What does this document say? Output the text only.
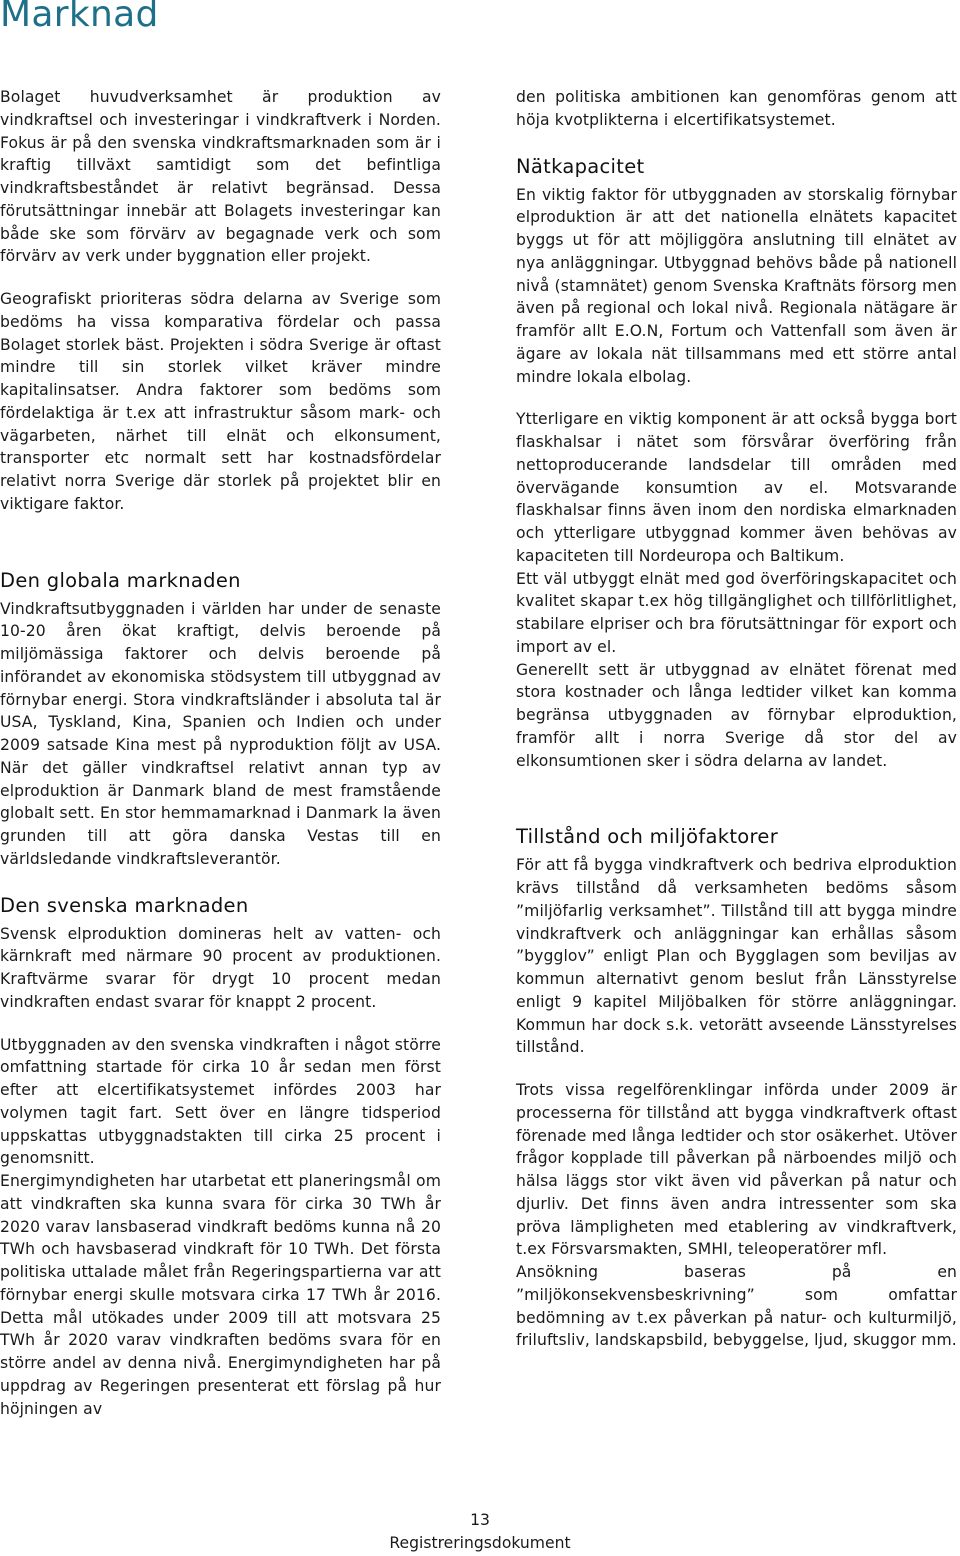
Marknad

Bolaget huvudverksamhet är produktion av vindkraftsel och investeringar i vindkraftverk i Norden. Fokus är på den svenska vindkraftsmarknaden som är i kraftig tillväxt samtidigt som det befintliga vindkraftsbeståndet är relativt begränsad. Dessa förutsättningar innebär att Bolagets investeringar kan både ske som förvärv av begagnade verk och som förvärv av verk under byggnation eller projekt.

Geografiskt prioriteras södra delarna av Sverige som bedöms ha vissa komparativa fördelar och passa Bolaget storlek bäst. Projekten i södra Sverige är oftast mindre till sin storlek vilket kräver mindre kapitalinsatser. Andra faktorer som bedöms som fördelaktiga är t.ex att infrastruktur såsom mark- och vägarbeten, närhet till elnät och elkonsument, transporter etc normalt sett har kostnadsfördelar relativt norra Sverige där storlek på projektet blir en viktigare faktor.

Den globala marknaden

Vindkraftsutbyggnaden i världen har under de senaste 10-20 åren ökat kraftigt, delvis beroende på miljömässiga faktorer och delvis beroende på införandet av ekonomiska stödsystem till utbyggnad av förnybar energi. Stora vindkraftsländer i absoluta tal är USA, Tyskland, Kina, Spanien och Indien och under 2009 satsade Kina mest på nyproduktion följt av USA. När det gäller vindkraftsel relativt annan typ av elproduktion är Danmark bland de mest framstående globalt sett. En stor hemmamarknad i Danmark la även grunden till att göra danska Vestas till en världsledande vindkraftsleverantör.

Den svenska marknaden

Svensk elproduktion domineras helt av vatten- och kärnkraft med närmare 90 procent av produktionen. Kraftvärme svarar för drygt 10 procent medan vindkraften endast svarar för knappt 2 procent.

Utbyggnaden av den svenska vindkraften i något större omfattning startade för cirka 10 år sedan men först efter att elcertifikatsystemet infördes 2003 har volymen tagit fart. Sett över en längre tidsperiod uppskattas utbyggnadstakten till cirka 25 procent i genomsnitt.

Energimyndigheten har utarbetat ett planeringsmål om att vindkraften ska kunna svara för cirka 30 TWh år 2020 varav lansbaserad vindkraft bedöms kunna nå 20 TWh och havsbaserad vindkraft för 10 TWh. Det första politiska uttalade målet från Regeringspartierna var att förnybar energi skulle motsvara cirka 17 TWh år 2016. Detta mål utökades under 2009 till att motsvara 25 TWh år 2020 varav vindkraften bedöms svara för en större andel av denna nivå. Energimyndigheten har på uppdrag av Regeringen presenterat ett förslag på hur höjningen av

den politiska ambitionen kan genomföras genom att höja kvotplikterna i elcertifikatsystemet.

Nätkapacitet

En viktig faktor för utbyggnaden av storskalig förnybar elproduktion är att det nationella elnätets kapacitet byggs ut för att möjliggöra anslutning till elnätet av nya anläggningar. Utbyggnad behövs både på nationell nivå (stamnätet) genom Svenska Kraftnäts försorg men även på regional och lokal nivå. Regionala nätägare är framför allt E.O.N, Fortum och Vattenfall som även är ägare av lokala nät tillsammans med ett större antal mindre lokala elbolag.

Ytterligare en viktig komponent är att också bygga bort flaskhalsar i nätet som försvårar överföring från nettoproducerande landsdelar till områden med övervägande konsumtion av el. Motsvarande flaskhalsar finns även inom den nordiska elmarknaden och ytterligare utbyggnad kommer även behövas av kapaciteten till Nordeuropa och Baltikum.

Ett väl utbyggt elnät med god överföringskapacitet och kvalitet skapar t.ex hög tillgänglighet och tillförlitlighet, stabilare elpriser och bra förutsättningar för export och import av el.

Generellt sett är utbyggnad av elnätet förenat med stora kostnader och långa ledtider vilket kan komma begränsa utbyggnaden av förnybar elproduktion, framför allt i norra Sverige då stor del av elkonsumtionen sker i södra delarna av landet.

Tillstånd och miljöfaktorer

För att få bygga vindkraftverk och bedriva elproduktion krävs tillstånd då verksamheten bedöms såsom ”miljöfarlig verksamhet”. Tillstånd till att bygga mindre vindkraftverk och anläggningar kan erhållas såsom ”bygglov” enligt Plan och Bygglagen som beviljas av kommun alternativt genom beslut från Länsstyrelse enligt 9 kapitel Miljöbalken för större anläggningar. Kommun har dock s.k. vetorätt avseende Länsstyrelses tillstånd.

Trots vissa regelförenklingar införda under 2009 är processerna för tillstånd att bygga vindkraftverk oftast förenade med långa ledtider och stor osäkerhet. Utöver frågor kopplade till påverkan på närboendes miljö och hälsa läggs stor vikt även vid påverkan på natur och djurliv. Det finns även andra intressenter som ska pröva lämpligheten med etablering av vindkraftverk, t.ex Försvarsmakten, SMHI, teleoperatörer mfl.

Ansökning baseras på en ”miljökonsekvensbeskrivning” som omfattar bedömning av t.ex påverkan på natur- och kulturmiljö, friluftsliv, landskapsbild, bebyggelse, ljud, skuggor mm.

13
Registreringsdokument
